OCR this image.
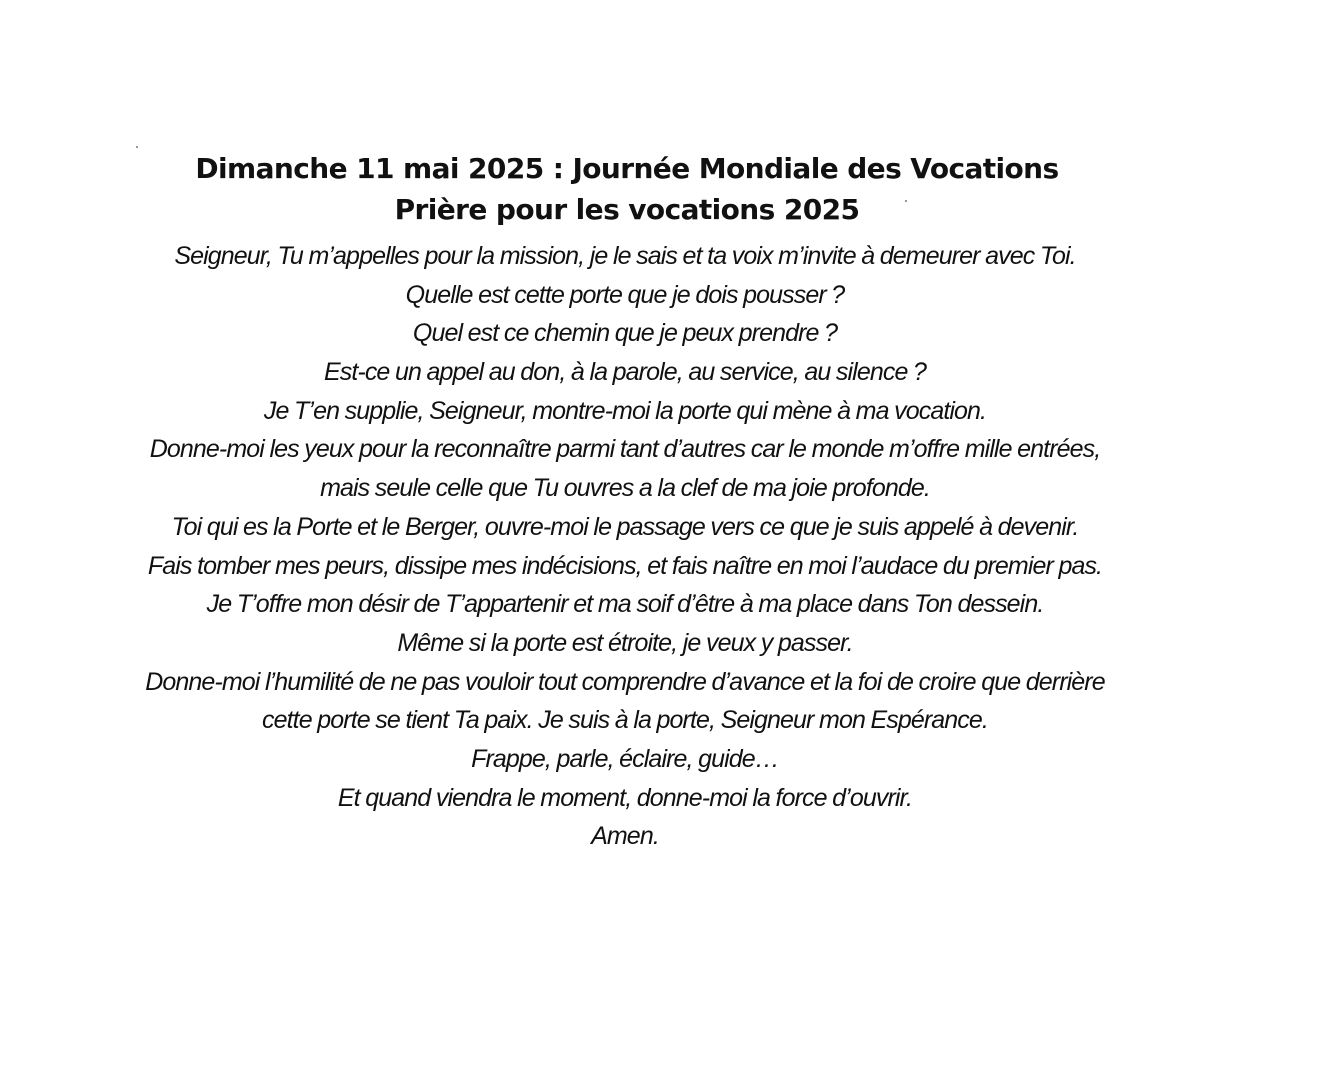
Dimanche 11 mai 2025 : Journée Mondiale des Vocations
Prière pour les vocations 2025
Seigneur, Tu m’appelles pour la mission, je le sais et ta voix m’invite à demeurer avec Toi.
Quelle est cette porte que je dois pousser ?
Quel est ce chemin que je peux prendre ?
Est-ce un appel au don, à la parole, au service, au silence ?
Je T’en supplie, Seigneur, montre-moi la porte qui mène à ma vocation.
Donne-moi les yeux pour la reconnaître parmi tant d’autres car le monde m’offre mille entrées,
mais seule celle que Tu ouvres a la clef de ma joie profonde.
Toi qui es la Porte et le Berger, ouvre-moi le passage vers ce que je suis appelé à devenir.
Fais tomber mes peurs, dissipe mes indécisions, et fais naître en moi l’audace du premier pas.
Je T’offre mon désir de T’appartenir et ma soif d’être à ma place dans Ton dessein.
Même si la porte est étroite, je veux y passer.
Donne-moi l’humilité de ne pas vouloir tout comprendre d’avance et la foi de croire que derrière
cette porte se tient Ta paix. Je suis à la porte, Seigneur mon Espérance.
Frappe, parle, éclaire, guide…
Et quand viendra le moment, donne-moi la force d’ouvrir.
Amen.
